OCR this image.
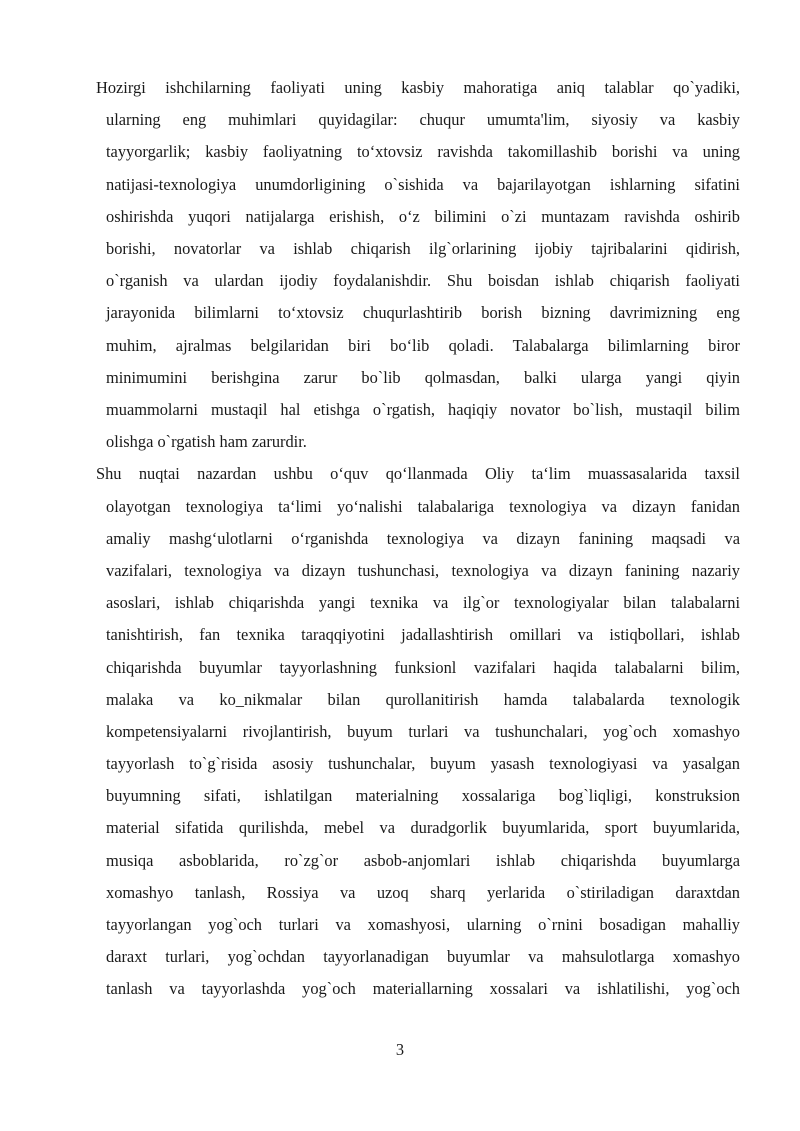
Hozirgi ishchilarning faoliyati uning kasbiy mahoratiga aniq talablar qo`yadiki,
ularning eng muhimlari quyidagilar: chuqur umumta'lim, siyosiy va kasbiy
tayyorgarlik; kasbiy faoliyatning to‘xtovsiz ravishda takomillashib borishi va uning
natijasi-texnologiya unumdorligining o`sishida va bajarilayotgan ishlarning sifatini
oshirishda yuqori natijalarga erishish, o‘z bilimini o`zi muntazam ravishda oshirib
borishi, novatorlar va ishlab chiqarish ilg`orlarining ijobiy tajribalarini qidirish,
o`rganish va ulardan ijodiy foydalanishdir. Shu boisdan ishlab chiqarish faoliyati
jarayonida bilimlarni to‘xtovsiz chuqurlashtirib borish bizning davrimizning eng
muhim, ajralmas belgilaridan biri bo‘lib qoladi. Talabalarga bilimlarning biror
minimumini berishgina zarur bo`lib qolmasdan, balki ularga yangi qiyin
muammolarni mustaqil hal etishga o`rgatish, haqiqiy novator bo`lish, mustaqil bilim
olishga o`rgatish ham zarurdir.
Shu nuqtai nazardan ushbu o‘quv qo‘llanmada Oliy ta‘lim muassasalarida taxsil
olayotgan texnologiya ta‘limi yo‘nalishi talabalariga texnologiya va dizayn fanidan
amaliy mashg‘ulotlarni o‘rganishda texnologiya va dizayn fanining maqsadi va
vazifalari, texnologiya va dizayn tushunchasi, texnologiya va dizayn fanining nazariy
asoslari, ishlab chiqarishda yangi texnika va ilg`or texnologiyalar bilan talabalarni
tanishtirish, fan texnika taraqqiyotini jadallashtirish omillari va istiqbollari, ishlab
chiqarishda buyumlar tayyorlashning funksionl vazifalari haqida talabalarni bilim,
malaka va ko_nikmalar bilan qurollanitirish hamda talabalarda texnologik
kompetensiyalarni rivojlantirish, buyum turlari va tushunchalari, yog`och xomashyo
tayyorlash to`g`risida asosiy tushunchalar, buyum yasash texnologiyasi va yasalgan
buyumning sifati, ishlatilgan materialning xossalariga bog`liqligi, konstruksion
material sifatida qurilishda, mebel va duradgorlik buyumlarida, sport buyumlarida,
musiqa asboblarida, ro`zg`or asbob-anjomlari ishlab chiqarishda buyumlarga
xomashyo tanlash, Rossiya va uzoq sharq yerlarida o`stiriladigan daraxtdan
tayyorlangan yog`och turlari va xomashyosi, ularning o`rnini bosadigan mahalliy
daraxt turlari, yog`ochdan tayyorlanadigan buyumlar va mahsulotlarga xomashyo
tanlash va tayyorlashda yog`och materiallarning xossalari va ishlatilishi, yog`och
3
